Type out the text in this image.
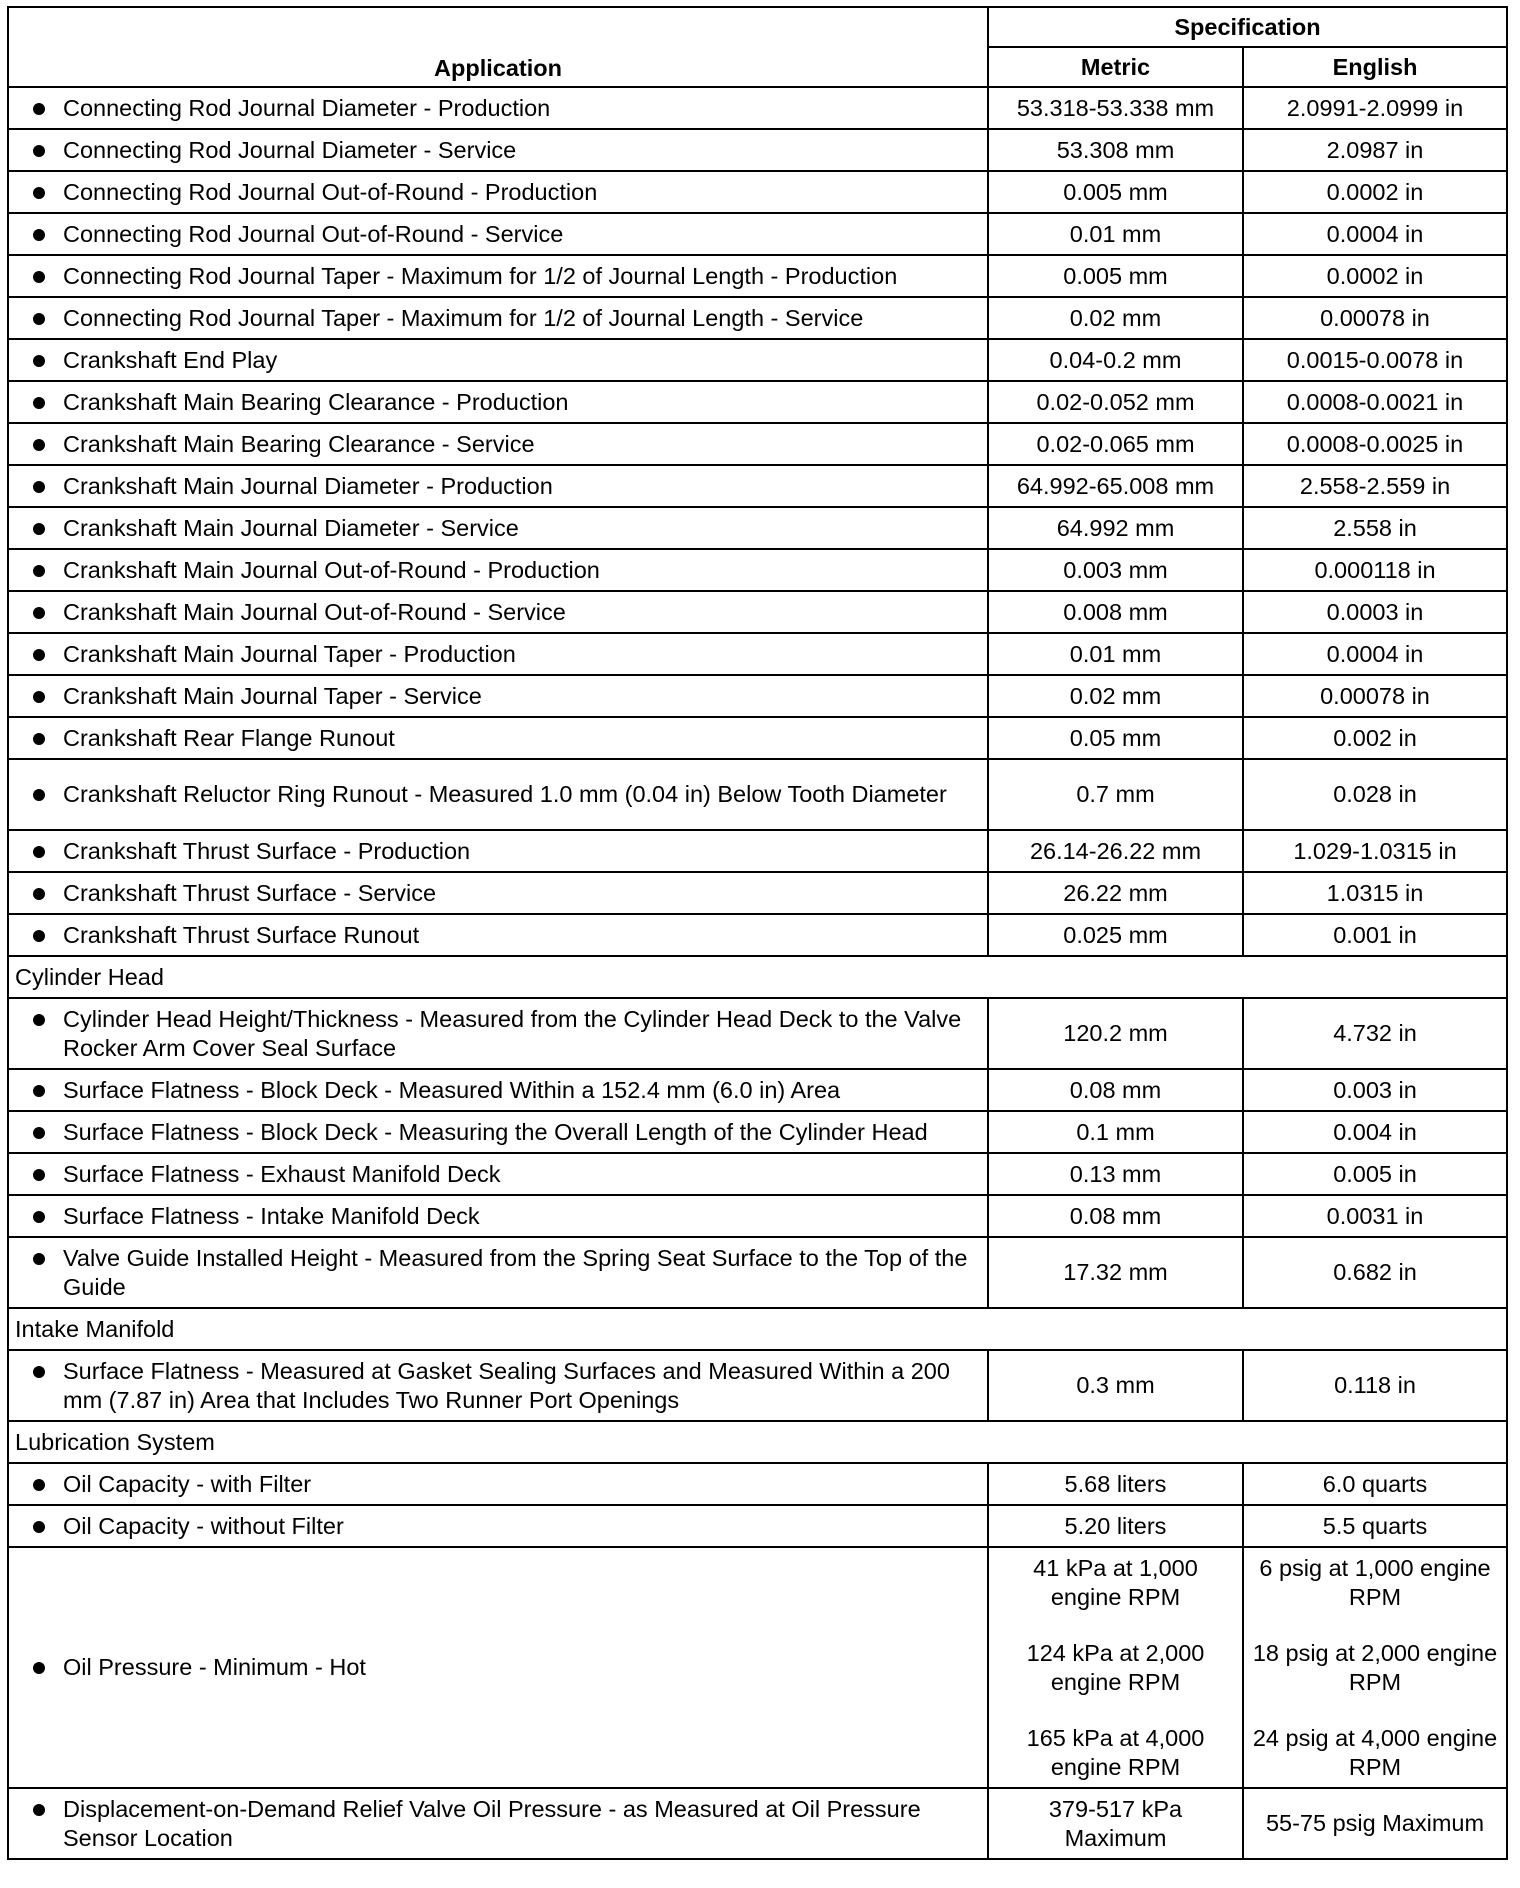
Application	Specification	
	Metric	English

Connecting Rod Journal Diameter - Production	53.318-53.338 mm	2.0991-2.0999 in

Connecting Rod Journal Diameter - Service	53.308 mm	2.0987 in

Connecting Rod Journal Out-of-Round - Production	0.005 mm	0.0002 in

Connecting Rod Journal Out-of-Round - Service	0.01 mm	0.0004 in

Connecting Rod Journal Taper - Maximum for 1/2 of Journal Length - Production	0.005 mm	0.0002 in

Connecting Rod Journal Taper - Maximum for 1/2 of Journal Length - Service	0.02 mm	0.00078 in

Crankshaft End Play	0.04-0.2 mm	0.0015-0.0078 in

Crankshaft Main Bearing Clearance - Production	0.02-0.052 mm	0.0008-0.0021 in

Crankshaft Main Bearing Clearance - Service	0.02-0.065 mm	0.0008-0.0025 in

Crankshaft Main Journal Diameter - Production	64.992-65.008 mm	2.558-2.559 in

Crankshaft Main Journal Diameter - Service	64.992 mm	2.558 in

Crankshaft Main Journal Out-of-Round - Production	0.003 mm	0.000118 in

Crankshaft Main Journal Out-of-Round - Service	0.008 mm	0.0003 in

Crankshaft Main Journal Taper - Production	0.01 mm	0.0004 in

Crankshaft Main Journal Taper - Service	0.02 mm	0.00078 in

Crankshaft Rear Flange Runout	0.05 mm	0.002 in

Crankshaft Reluctor Ring Runout - Measured 1.0 mm (0.04 in) Below Tooth Diameter	0.7 mm	0.028 in

Crankshaft Thrust Surface - Production	26.14-26.22 mm	1.029-1.0315 in

Crankshaft Thrust Surface - Service	26.22 mm	1.0315 in

Crankshaft Thrust Surface Runout	0.025 mm	0.001 in
Cylinder Head		

Cylinder Head Height/Thickness - Measured from the Cylinder Head Deck to the Valve Rocker Arm Cover Seal Surface	120.2 mm	4.732 in

Surface Flatness - Block Deck - Measured Within a 152.4 mm (6.0 in) Area	0.08 mm	0.003 in

Surface Flatness - Block Deck - Measuring the Overall Length of the Cylinder Head	0.1 mm	0.004 in

Surface Flatness - Exhaust Manifold Deck	0.13 mm	0.005 in

Surface Flatness - Intake Manifold Deck	0.08 mm	0.0031 in

Valve Guide Installed Height - Measured from the Spring Seat Surface to the Top of the Guide	17.32 mm	0.682 in
Intake Manifold		

Surface Flatness - Measured at Gasket Sealing Surfaces and Measured Within a 200 mm (7.87 in) Area that Includes Two Runner Port Openings	0.3 mm	0.118 in
Lubrication System		

Oil Capacity - with Filter	5.68 liters	6.0 quarts

Oil Capacity - without Filter	5.20 liters	5.5 quarts

Oil Pressure - Minimum - Hot	41 kPa at 1,000 engine RPM
124 kPa at 2,000 engine RPM
165 kPa at 4,000 engine RPM	6 psig at 1,000 engine RPM
18 psig at 2,000 engine RPM
24 psig at 4,000 engine RPM

Displacement-on-Demand Relief Valve Oil Pressure - as Measured at Oil Pressure Sensor Location	379-517 kPa Maximum	55-75 psig Maximum
